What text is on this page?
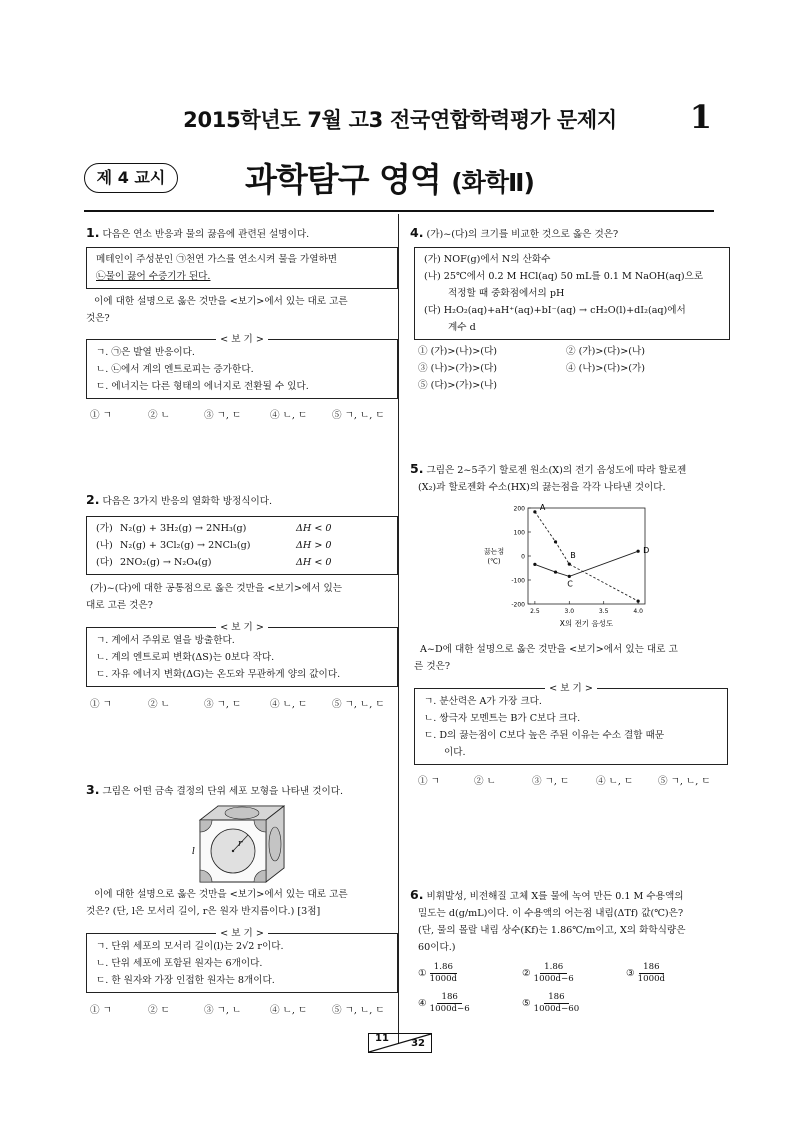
2015학년도 7월 고3 전국연합학력평가 문제지	1
제 4 교시	과학탐구 영역 (화학Ⅱ)
1. 다음은 연소 반응과 물의 끓음에 관련된 설명이다.
메테인이 주성분인 ㉠천연 가스를 연소시켜 물을 가열하면
㉡물이 끓어 수증기가 된다.
이에 대한 설명으로 옳은 것만을 <보기>에서 있는 대로 고른
것은?
< 보 기 >
ㄱ. ㉠은 발열 반응이다.
ㄴ. ㉡에서 계의 엔트로피는 증가한다.
ㄷ. 에너지는 다른 형태의 에너지로 전환될 수 있다.
① ㄱ	② ㄴ	③ ㄱ, ㄷ	④ ㄴ, ㄷ	⑤ ㄱ, ㄴ, ㄷ
2. 다음은 3가지 반응의 열화학 방정식이다.
(가) N₂(g) + 3H₂(g) → 2NH₃(g)	ΔH < 0
(나) N₂(g) + 3Cl₂(g) → 2NCl₃(g)	ΔH > 0
(다) 2NO₂(g) → N₂O₄(g)	ΔH < 0
(가)~(다)에 대한 공통점으로 옳은 것만을 <보기>에서 있는
대로 고른 것은?
< 보 기 >
ㄱ. 계에서 주위로 열을 방출한다.
ㄴ. 계의 엔트로피 변화(ΔS)는 0보다 작다.
ㄷ. 자유 에너지 변화(ΔG)는 온도와 무관하게 양의 값이다.
① ㄱ	② ㄴ	③ ㄱ, ㄷ	④ ㄴ, ㄷ	⑤ ㄱ, ㄴ, ㄷ
3. 그림은 어떤 금속 결정의 단위 세포 모형을 나타낸 것이다.
r
l
이에 대한 설명으로 옳은 것만을 <보기>에서 있는 대로 고른
것은? (단, l은 모서리 길이, r은 원자 반지름이다.) [3점]
< 보 기 >
ㄱ. 단위 세포의 모서리 길이(l)는 2√2 r이다.
ㄴ. 단위 세포에 포함된 원자는 6개이다.
ㄷ. 한 원자와 가장 인접한 원자는 8개이다.
① ㄱ	② ㄷ	③ ㄱ, ㄴ	④ ㄴ, ㄷ	⑤ ㄱ, ㄴ, ㄷ
4. (가)~(다)의 크기를 비교한 것으로 옳은 것은?
(가) NOF(g)에서 N의 산화수
(나) 25℃에서 0.2 M HCl(aq) 50 mL를 0.1 M NaOH(aq)으로
적정할 때 중화점에서의 pH
(다) H₂O₂(aq)+aH⁺(aq)+bI⁻(aq) → cH₂O(l)+dI₂(aq)에서
계수 d
① (가)>(나)>(다)	② (가)>(다)>(나)
③ (나)>(가)>(다)	④ (나)>(다)>(가)
⑤ (다)>(가)>(나)
5. 그림은 2~5주기 할로젠 원소(X)의 전기 음성도에 따라 할로젠
(X₂)과 할로젠화 수소(HX)의 끓는점을 각각 나타낸 것이다.
200
100
0
-100
-200
2.5	3.0	3.5	4.0
끓는점
(℃)
X의 전기 음성도
A
B
C
D
A~D에 대한 설명으로 옳은 것만을 <보기>에서 있는 대로 고
른 것은?
< 보 기 >
ㄱ. 분산력은 A가 가장 크다.
ㄴ. 쌍극자 모멘트는 B가 C보다 크다.
ㄷ. D의 끓는점이 C보다 높은 주된 이유는 수소 결합 때문
이다.
① ㄱ	② ㄴ	③ ㄱ, ㄷ	④ ㄴ, ㄷ	⑤ ㄱ, ㄴ, ㄷ
6. 비휘발성, 비전해질 고체 X를 물에 녹여 만든 0.1 M 수용액의
밀도는 d(g/mL)이다. 이 수용액의 어는점 내림(ΔTf) 값(℃)은?
(단, 물의 몰랄 내림 상수(Kf)는 1.86℃/m이고, X의 화학식량은
60이다.)
① $\frac{1.86}{1000d}$	② $\frac{1.86}{1000d-6}$	③ $\frac{186}{1000d}$
④ $\frac{186}{1000d-6}$	⑤ $\frac{186}{1000d-60}$
11 32
